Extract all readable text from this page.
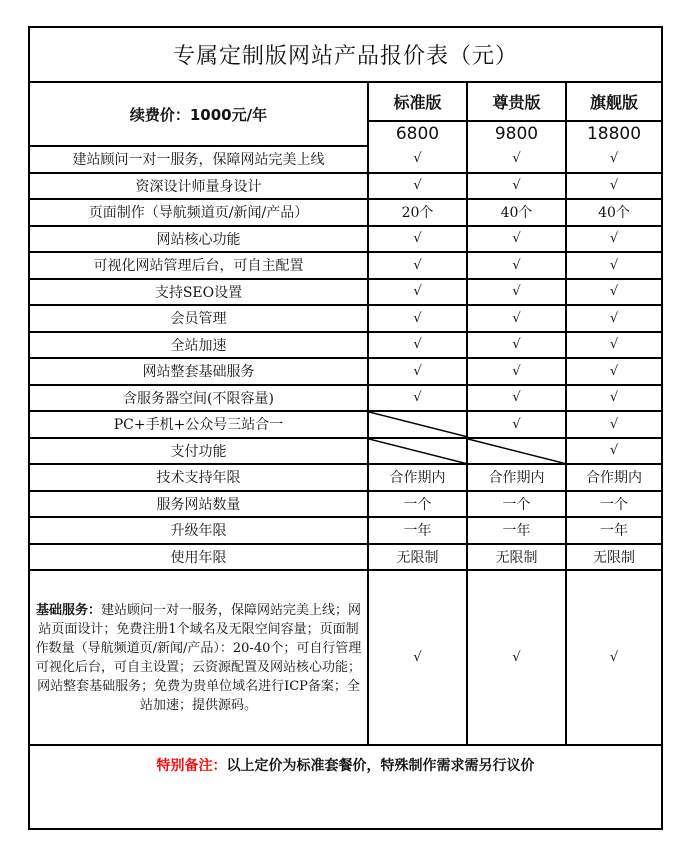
专属定制版网站产品报价表（元）			
续费价：1000元/年	标准版	尊贵版	旗舰版
	6800	9800	18800
建站顾问一对一服务，保障网站完美上线	√	√	√
资深设计师量身设计	√	√	√
页面制作（导航频道页/新闻/产品）	20个	40个	40个
网站核心功能	√	√	√
可视化网站管理后台，可自主配置	√	√	√
支持SEO设置	√	√	√
会员管理	√	√	√
全站加速	√	√	√
网站整套基础服务	√	√	√
含服务器空间(不限容量)	√	√	√
PC+手机+公众号三站合一		√	√
支付功能			√
技术支持年限	合作期内	合作期内	合作期内
服务网站数量	一个	一个	一个
升级年限	一年	一年	一年
使用年限	无限制	无限制	无限制
基础服务：建站顾问一对一服务，保障网站完美上线；网站页面设计；免费注册1个域名及无限空间容量；页面制作数量（导航频道页/新闻/产品）：20-40个；可自行管理可视化后台，可自主设置；云资源配置及网站核心功能；网站整套基础服务；免费为贵单位域名进行ICP备案；全站加速；提供源码。	√	√	√
特别备注：以上定价为标准套餐价，特殊制作需求需另行议价			
